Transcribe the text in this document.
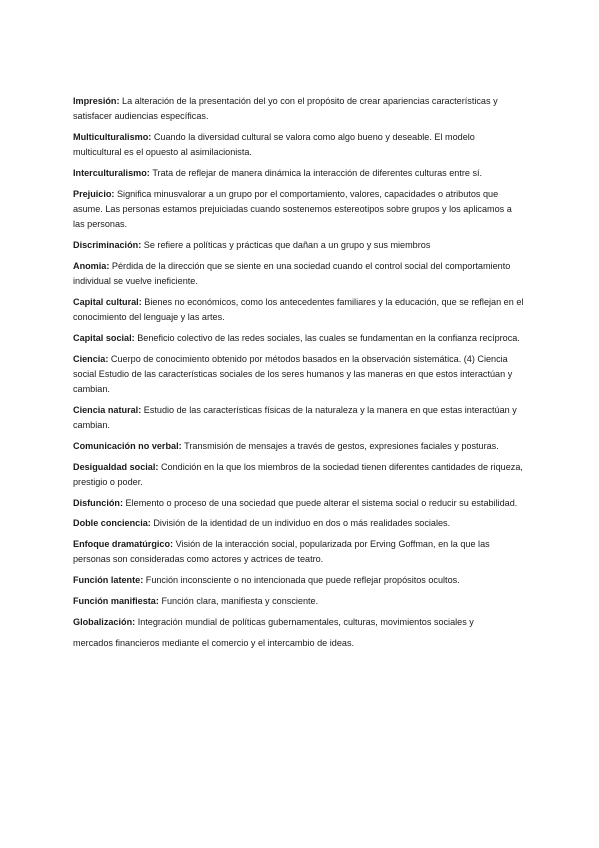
Impresión: La alteración de la presentación del yo con el propósito de crear apariencias características y satisfacer audiencias específicas.

Multiculturalismo: Cuando la diversidad cultural se valora como algo bueno y deseable. El modelo multicultural es el opuesto al asimilacionista.

Interculturalismo: Trata de reflejar de manera dinámica la interacción de diferentes culturas entre sí.

Prejuicio: Significa minusvalorar a un grupo por el comportamiento, valores, capacidades o atributos que asume. Las personas estamos prejuiciadas cuando sostenemos estereotipos sobre grupos y los aplicamos a las personas.

Discriminación: Se refiere a políticas y prácticas que dañan a un grupo y sus miembros

Anomia: Pérdida de la dirección que se siente en una sociedad cuando el control social del comportamiento individual se vuelve ineficiente.

Capital cultural: Bienes no económicos, como los antecedentes familiares y la educación, que se reflejan en el conocimiento del lenguaje y las artes.

Capital social: Beneficio colectivo de las redes sociales, las cuales se fundamentan en la confianza recíproca.

Ciencia: Cuerpo de conocimiento obtenido por métodos basados en la observación sistemática. (4) Ciencia social Estudio de las características sociales de los seres humanos y las maneras en que estos interactúan y cambian.

Ciencia natural: Estudio de las características físicas de la naturaleza y la manera en que estas interactúan y cambian.

Comunicación no verbal: Transmisión de mensajes a través de gestos, expresiones faciales y posturas.

Desigualdad social: Condición en la que los miembros de la sociedad tienen diferentes cantidades de riqueza, prestigio o poder.

Disfunción: Elemento o proceso de una sociedad que puede alterar el sistema social o reducir su estabilidad.

Doble conciencia: División de la identidad de un individuo en dos o más realidades sociales.

Enfoque dramatúrgico: Visión de la interacción social, popularizada por Erving Goffman, en la que las personas son consideradas como actores y actrices de teatro.

Función latente: Función inconsciente o no intencionada que puede reflejar propósitos ocultos.

Función manifiesta: Función clara, manifiesta y consciente.

Globalización: Integración mundial de políticas gubernamentales, culturas, movimientos sociales y

mercados financieros mediante el comercio y el intercambio de ideas.
